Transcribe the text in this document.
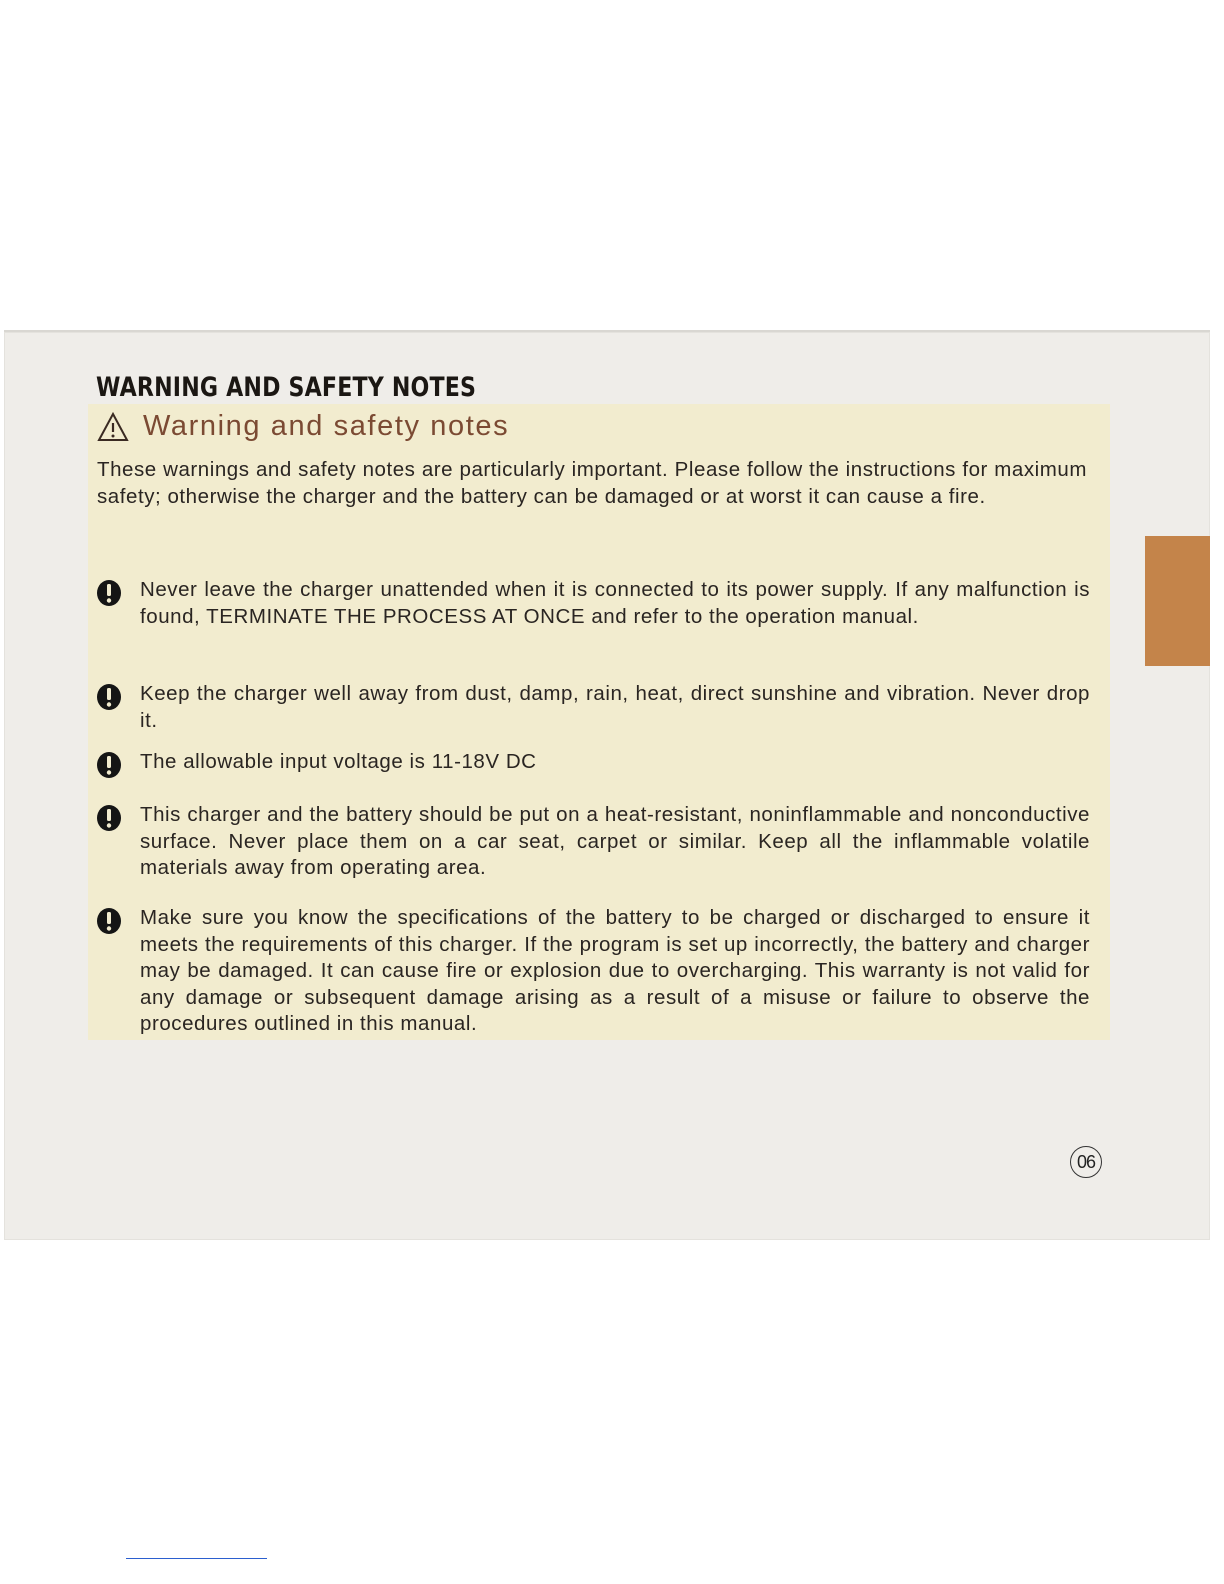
WARNING AND SAFETY NOTES
Warning and safety notes

These warnings and safety notes are particularly important. Please follow the instructions for maximum safety; otherwise the charger and the battery can be damaged or at worst it can cause a fire.

Never leave the charger unattended when it is connected to its power supply. If any malfunction is found, TERMINATE THE PROCESS AT ONCE and refer to the operation manual.

Keep the charger well away from dust, damp, rain, heat, direct sunshine and vibration. Never drop it.

The allowable input voltage is 11-18V DC

This charger and the battery should be put on a heat-resistant, noninflammable and nonconductive surface. Never place them on a car seat, carpet or similar. Keep all the inflammable volatile materials away from operating area.

Make sure you know the specifications of the battery to be charged or discharged to ensure it meets the requirements of this charger. If the program is set up incorrectly, the battery and charger may be damaged. It can cause fire or explosion due to overcharging. This warranty is not valid for any damage or subsequent damage arising as a result of a misuse or failure to observe the procedures outlined in this manual.

06
